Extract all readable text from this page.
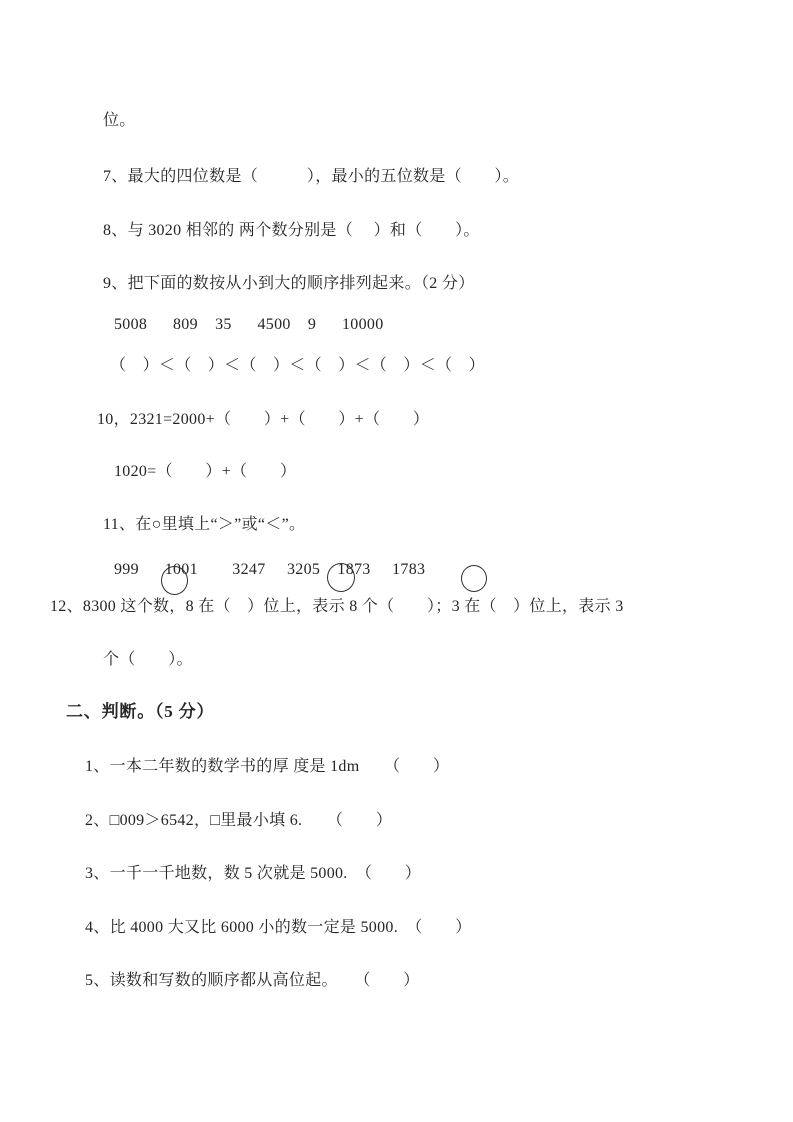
位。
7、最大的四位数是（　　　），最小的五位数是（　　）。
8、与 3020 相邻的 两个数分别是（　 ）和（　　）。
9、把下面的数按从小到大的顺序排列起来。（2 分）
5008      809    35      4500    9      10000
（　）＜（　）＜（　）＜（　）＜（　）＜（　）
10，2321=2000+（　　）+（　　）+（　　）
1020=（　　）+（　　）
11、在○里填上“＞”或“＜”。
999      1001        3247     3205    1873     1783
12、8300 这个数，8 在（　）位上，表示 8 个（　　）；3 在（　）位上，表示 3
个（　　）。
二、判断。（5 分）
1、一本二年数的数学书的厚 度是 1dm　　（　　）
2、□009＞6542，□里最小填 6.　　（　　）
3、一千一千地数，数 5 次就是 5000.　（　　）
4、比 4000 大又比 6000 小的数一定是 5000.　（　　）
5、读数和写数的顺序都从高位起。　　（　　）
